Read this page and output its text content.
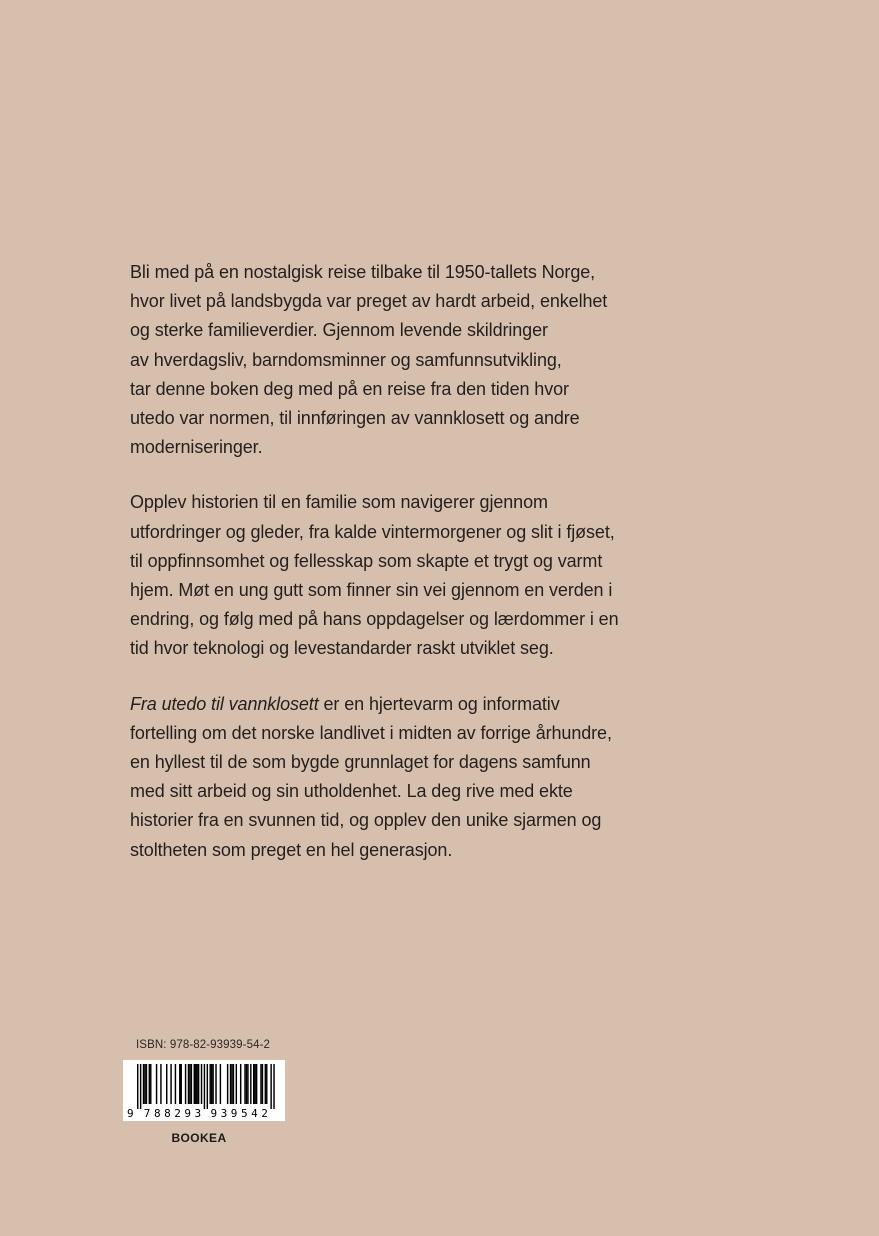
Bli med på en nostalgisk reise tilbake til 1950-tallets Norge,
hvor livet på landsbygda var preget av hardt arbeid, enkelhet
og sterke familieverdier. Gjennom levende skildringer
av hverdagsliv, barndomsminner og samfunnsutvikling,
tar denne boken deg med på en reise fra den tiden hvor
utedo var normen, til innføringen av vannklosett og andre
moderniseringer.

Opplev historien til en familie som navigerer gjennom
utfordringer og gleder, fra kalde vintermorgener og slit i fjøset,
til oppfinnsomhet og fellesskap som skapte et trygt og varmt
hjem. Møt en ung gutt som finner sin vei gjennom en verden i
endring, og følg med på hans oppdagelser og lærdommer i en
tid hvor teknologi og levestandarder raskt utviklet seg.

Fra utedo til vannklosett er en hjertevarm og informativ
fortelling om det norske landlivet i midten av forrige århundre,
en hyllest til de som bygde grunnlaget for dagens samfunn
med sitt arbeid og sin utholdenhet. La deg rive med ekte
historier fra en svunnen tid, og opplev den unike sjarmen og
stoltheten som preget en hel generasjon.

ISBN: 978-82-93939-54-2
9 7 8 8 2 9 3 9 3 9 5 4 2
BOOKEA
